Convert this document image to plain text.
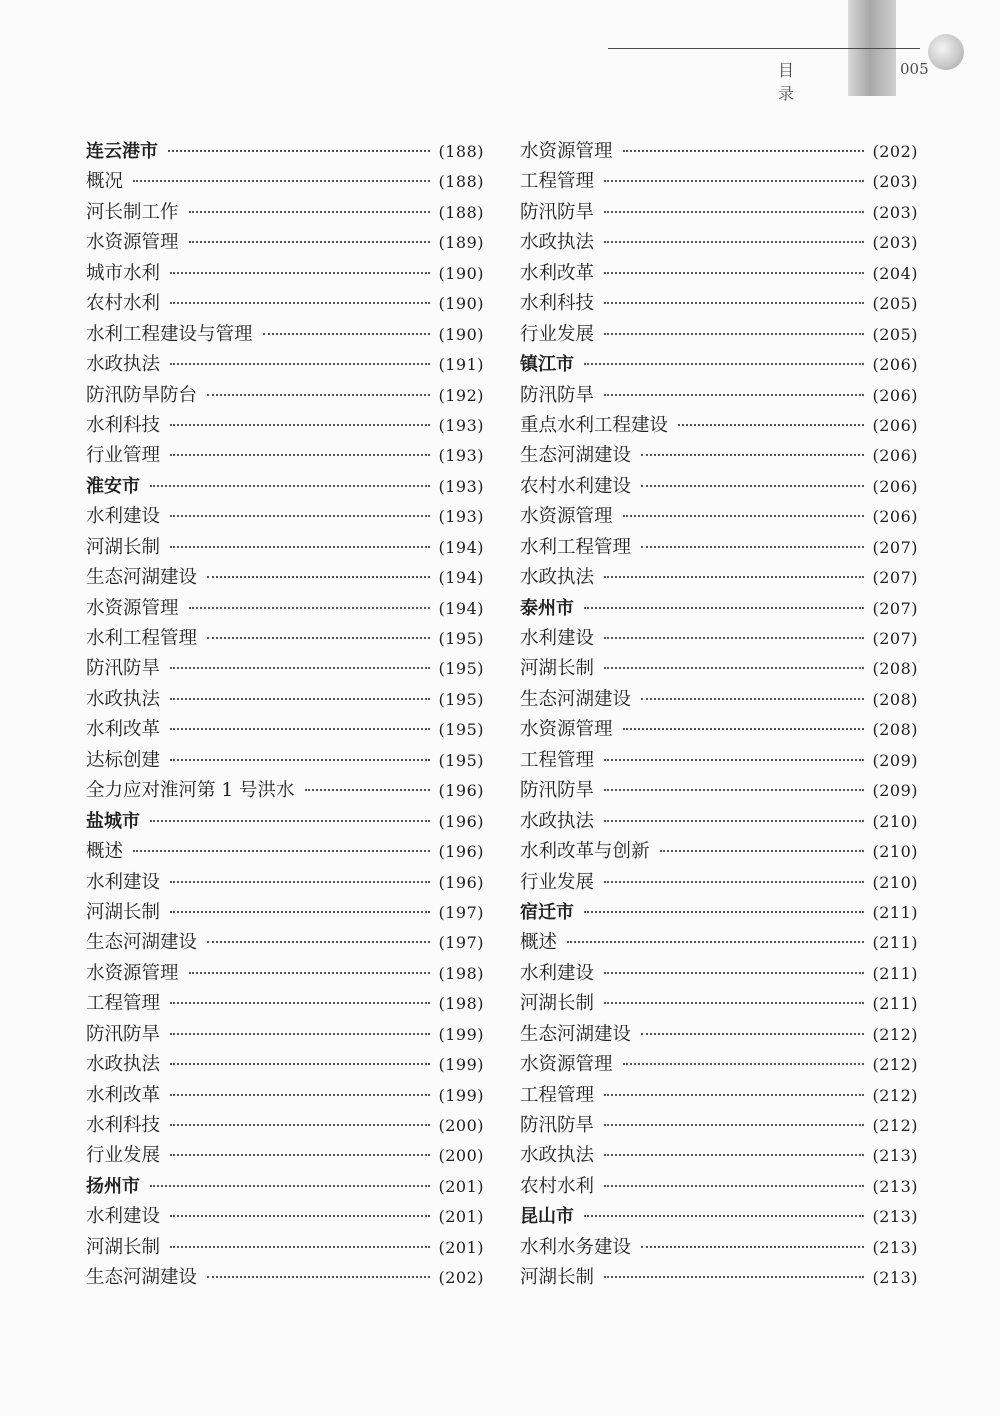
目 录
005
连云港市	(188)
概况	(188)
河长制工作	(188)
水资源管理	(189)
城市水利	(190)
农村水利	(190)
水利工程建设与管理	(190)
水政执法	(191)
防汛防旱防台	(192)
水利科技	(193)
行业管理	(193)
淮安市	(193)
水利建设	(193)
河湖长制	(194)
生态河湖建设	(194)
水资源管理	(194)
水利工程管理	(195)
防汛防旱	(195)
水政执法	(195)
水利改革	(195)
达标创建	(195)
全力应对淮河第 1 号洪水	(196)
盐城市	(196)
概述	(196)
水利建设	(196)
河湖长制	(197)
生态河湖建设	(197)
水资源管理	(198)
工程管理	(198)
防汛防旱	(199)
水政执法	(199)
水利改革	(199)
水利科技	(200)
行业发展	(200)
扬州市	(201)
水利建设	(201)
河湖长制	(201)
生态河湖建设	(202)
水资源管理	(202)
工程管理	(203)
防汛防旱	(203)
水政执法	(203)
水利改革	(204)
水利科技	(205)
行业发展	(205)
镇江市	(206)
防汛防旱	(206)
重点水利工程建设	(206)
生态河湖建设	(206)
农村水利建设	(206)
水资源管理	(206)
水利工程管理	(207)
水政执法	(207)
泰州市	(207)
水利建设	(207)
河湖长制	(208)
生态河湖建设	(208)
水资源管理	(208)
工程管理	(209)
防汛防旱	(209)
水政执法	(210)
水利改革与创新	(210)
行业发展	(210)
宿迁市	(211)
概述	(211)
水利建设	(211)
河湖长制	(211)
生态河湖建设	(212)
水资源管理	(212)
工程管理	(212)
防汛防旱	(212)
水政执法	(213)
农村水利	(213)
昆山市	(213)
水利水务建设	(213)
河湖长制	(213)
